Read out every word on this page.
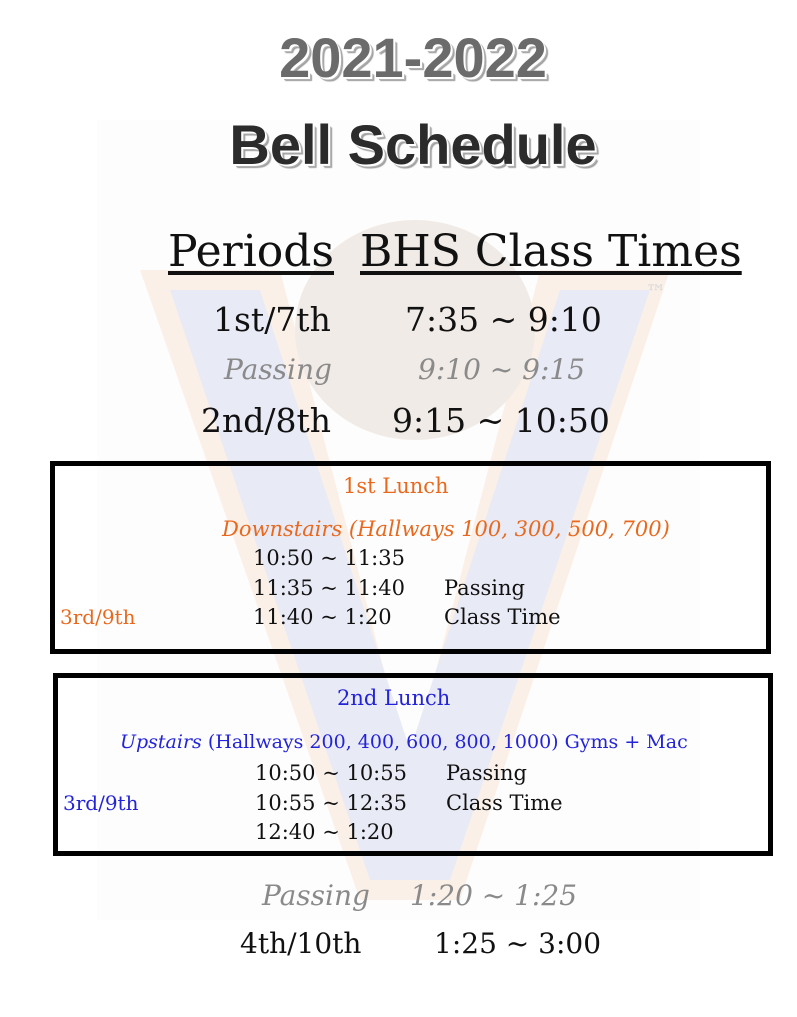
™
2021-2022
Bell Schedule
Periods BHS Class Times
1st/7th 7:35 ~ 9:10
Passing	9:10 ~ 9:15
2nd/8th 9:15 ~ 10:50
1st Lunch
Downstairs (Hallways 100, 300, 500, 700)
3rd/9th
10:50 ~ 11:35
11:35 ~ 11:40 Passing
11:40 ~ 1:20 Class Time
2nd Lunch
Upstairs (Hallways 200, 400, 600, 800, 1000) Gyms + Mac
3rd/9th
10:50 ~ 10:55 Passing
10:55 ~ 12:35 Class Time
12:40 ~ 1:20
Passing 1:20 ~ 1:25
4th/10th	1:25 ~ 3:00
